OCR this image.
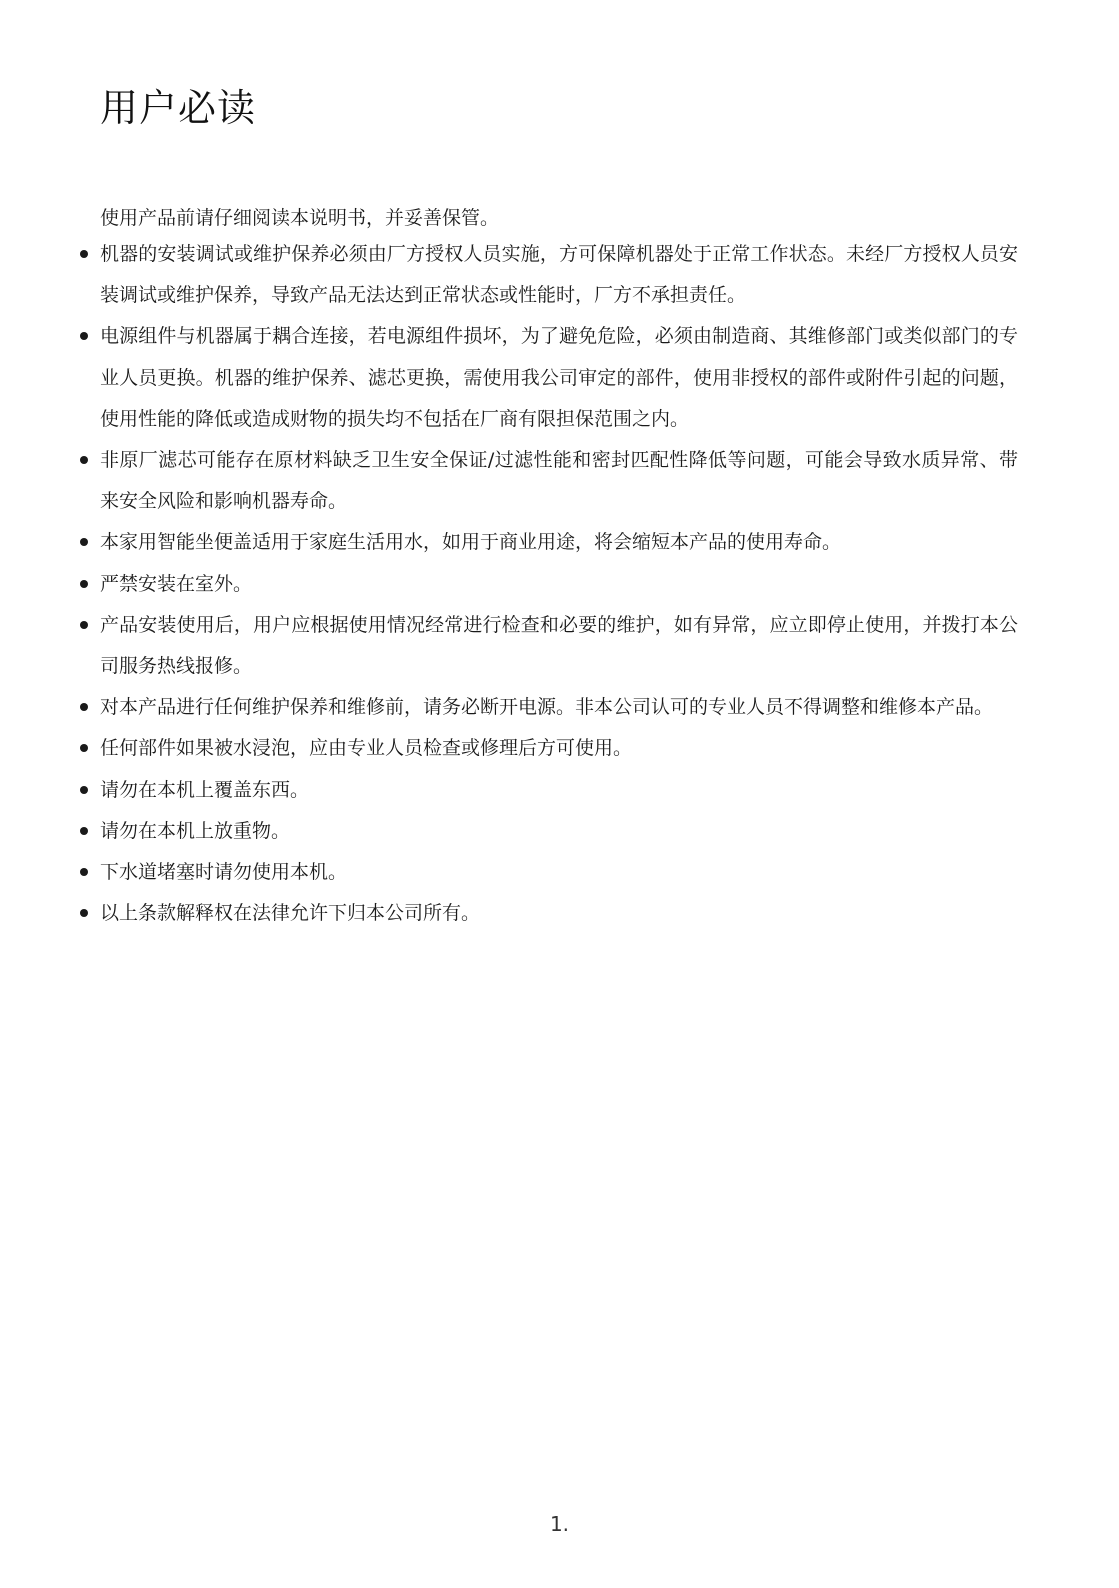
用户必读

使用产品前请仔细阅读本说明书，并妥善保管。

机器的安装调试或维护保养必须由厂方授权人员实施，方可保障机器处于正常工作状态。未经厂方授权人员安装调试或维护保养，导致产品无法达到正常状态或性能时，厂方不承担责任。
电源组件与机器属于耦合连接，若电源组件损坏，为了避免危险，必须由制造商、其维修部门或类似部门的专业人员更换。机器的维护保养、滤芯更换，需使用我公司审定的部件，使用非授权的部件或附件引起的问题，使用性能的降低或造成财物的损失均不包括在厂商有限担保范围之内。
非原厂滤芯可能存在原材料缺乏卫生安全保证/过滤性能和密封匹配性降低等问题，可能会导致水质异常、带来安全风险和影响机器寿命。
本家用智能坐便盖适用于家庭生活用水，如用于商业用途，将会缩短本产品的使用寿命。
严禁安装在室外。
产品安装使用后，用户应根据使用情况经常进行检查和必要的维护，如有异常，应立即停止使用，并拨打本公司服务热线报修。
对本产品进行任何维护保养和维修前，请务必断开电源。非本公司认可的专业人员不得调整和维修本产品。
任何部件如果被水浸泡，应由专业人员检查或修理后方可使用。
请勿在本机上覆盖东西。
请勿在本机上放重物。
下水道堵塞时请勿使用本机。
以上条款解释权在法律允许下归本公司所有。
1.
